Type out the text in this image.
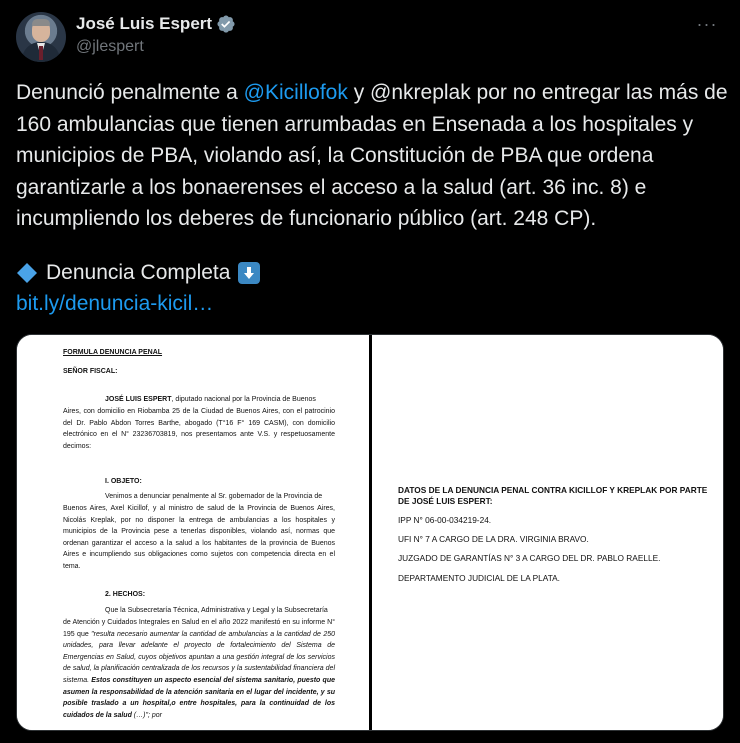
José Luis Espert
@jlespert
···
Denunció penalmente a @Kicillofok y @nkreplak por no entregar las más de 160 ambulancias que tienen arrumbadas en Ensenada a los hospitales y municipios de PBA, violando así, la Constitución de PBA que ordena garantizarle a los bonaerenses el acceso a la salud (art. 36 inc. 8) e incumpliendo los deberes de funcionario público (art. 248 CP).
Denuncia Completa
bit.ly/denuncia-kicil…
FORMULA DENUNCIA PENAL
SEÑOR FISCAL:
JOSÉ LUIS ESPERT, diputado nacional por la Provincia de Buenos
Aires, con domicilio en Riobamba 25 de la Ciudad de Buenos Aires, con el patrocinio del Dr. Pablo Abdon Torres Barthe, abogado (T°16 F° 169 CASM), con domicilio electrónico en el N° 23236703819, nos presentamos ante V.S. y respetuosamente decimos:
I. OBJETO:
Venimos a denunciar penalmente al Sr. gobernador de la Provincia de
Buenos Aires, Axel Kicillof, y al ministro de salud de la Provincia de Buenos Aires, Nicolás Kreplak, por no disponer la entrega de ambulancias a los hospitales y municipios de la Provincia pese a tenerlas disponibles, violando así, normas que ordenan garantizar el acceso a la salud a los habitantes de la provincia de Buenos Aires e incumpliendo sus obligaciones como sujetos con competencia directa en el tema.
2. HECHOS:
Que la Subsecretaría Técnica, Administrativa y Legal y la Subsecretaría
de Atención y Cuidados Integrales en Salud en el año 2022 manifestó en su informe N° 195 que "resulta necesario aumentar la cantidad de ambulancias a la cantidad de 250 unidades, para llevar adelante el proyecto de fortalecimiento del Sistema de Emergencias en Salud, cuyos objetivos apuntan a una gestión integral de los servicios de salud, la planificación centralizada de los recursos y la sustentabilidad financiera del sistema. Estos constituyen un aspecto esencial del sistema sanitario, puesto que asumen la responsabilidad de la atención sanitaria en el lugar del incidente, y su posible traslado a un hospital,o entre hospitales, para la continuidad de los cuidados de la salud (…)"; por
DATOS DE LA DENUNCIA PENAL CONTRA KICILLOF Y KREPLAK POR PARTE DE JOSÉ LUIS ESPERT:
IPP N° 06-00-034219-24.
UFI N° 7 A CARGO DE LA DRA. VIRGINIA BRAVO.
JUZGADO DE GARANTÍAS N° 3 A CARGO DEL DR. PABLO RAELLE.
DEPARTAMENTO JUDICIAL DE LA PLATA.
